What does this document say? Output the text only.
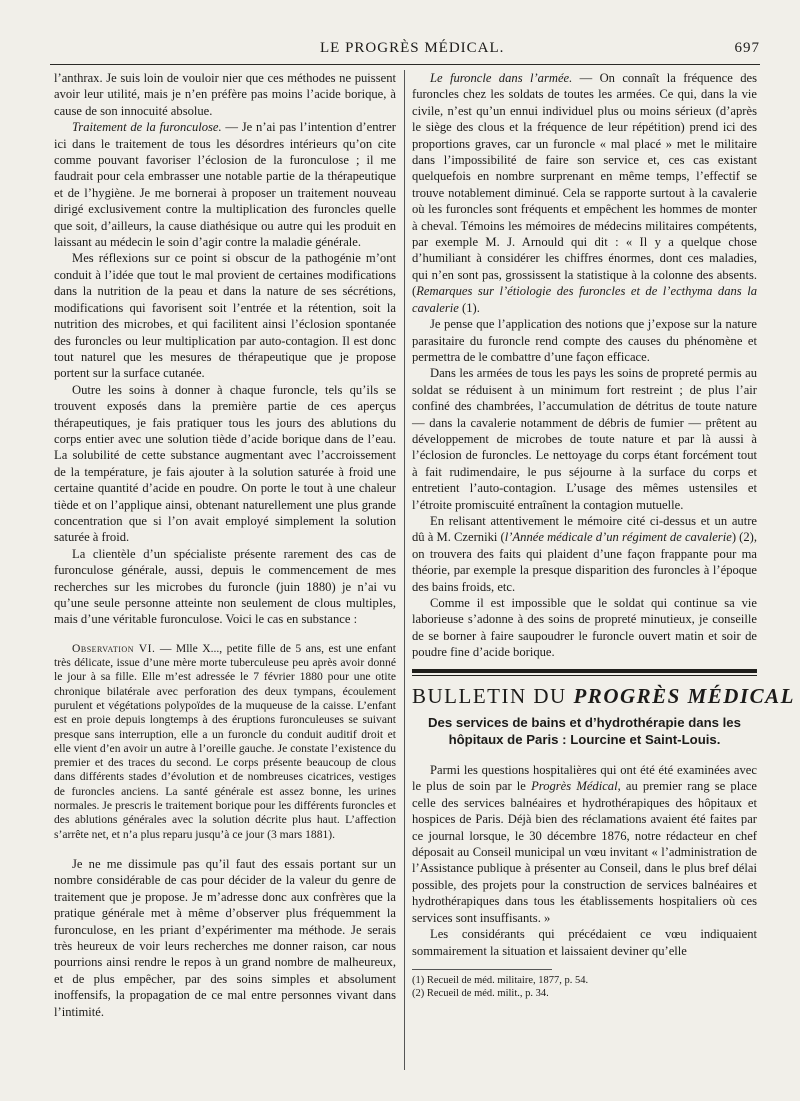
LE PROGRÈS MÉDICAL.	697

l’anthrax. Je suis loin de vouloir nier que ces méthodes ne puissent avoir leur utilité, mais je n’en préfère pas moins l’acide borique, à cause de son innocuité absolue.

Traitement de la furonculose. — Je n’ai pas l’intention d’entrer ici dans le traitement de tous les désordres intérieurs qu’on cite comme pouvant favoriser l’éclosion de la furonculose ; il me faudrait pour cela embrasser une notable partie de la thérapeutique et de l’hygiène. Je me bornerai à proposer un traitement nouveau dirigé exclusivement contre la multiplication des furoncles quelle que soit, d’ailleurs, la cause diathésique ou autre qui les produit en laissant au médecin le soin d’agir contre la maladie générale.

Mes réflexions sur ce point si obscur de la pathogénie m’ont conduit à l’idée que tout le mal provient de certaines modifications dans la nutrition de la peau et dans la nature de ses sécrétions, modifications qui favorisent soit l’entrée et la rétention, soit la nutrition des microbes, et qui facilitent ainsi l’éclosion spontanée des furoncles ou leur multiplication par auto-contagion. Il est donc tout naturel que les mesures de thérapeutique que je propose portent sur la surface cutanée.

Outre les soins à donner à chaque furoncle, tels qu’ils se trouvent exposés dans la première partie de ces aperçus thérapeutiques, je fais pratiquer tous les jours des ablutions du corps entier avec une solution tiède d’acide borique dans de l’eau. La solubilité de cette substance augmentant avec l’accroissement de la température, je fais ajouter à la solution saturée à froid une certaine quantité d’acide en poudre. On porte le tout à une chaleur tiède et on l’applique ainsi, obtenant naturellement une plus grande concentration que si l’on avait employé simplement la solution saturée à froid.

La clientèle d’un spécialiste présente rarement des cas de furonculose générale, aussi, depuis le commencement de mes recherches sur les microbes du furoncle (juin 1880) je n’ai vu qu’une seule personne atteinte non seulement de clous multiples, mais d’une véritable furonculose. Voici le cas en substance :

Observation VI. — Mlle X..., petite fille de 5 ans, est une enfant très délicate, issue d’une mère morte tuberculeuse peu après avoir donné le jour à sa fille. Elle m’est adressée le 7 février 1880 pour une otite chronique bilatérale avec perforation des deux tympans, écoulement purulent et végétations polypoïdes de la muqueuse de la caisse. L’enfant est en proie depuis longtemps à des éruptions furonculeuses se suivant presque sans interruption, elle a un furoncle du conduit auditif droit et elle vient d’en avoir un autre à l’oreille gauche. Je constate l’existence du premier et des traces du second. Le corps présente beaucoup de clous dans différents stades d’évolution et de nombreuses cicatrices, vestiges de furoncles anciens. La santé générale est assez bonne, les urines normales. Je prescris le traitement borique pour les différents furoncles et des ablutions générales avec la solution décrite plus haut. L’affection s’arrête net, et n’a plus reparu jusqu’à ce jour (3 mars 1881).

Je ne me dissimule pas qu’il faut des essais portant sur un nombre considérable de cas pour décider de la valeur du genre de traitement que je propose. Je m’adresse donc aux confrères que la pratique générale met à même d’observer plus fréquemment la furonculose, en les priant d’expérimenter ma méthode. Je serais très heureux de voir leurs recherches me donner raison, car nous pourrions ainsi rendre le repos à un grand nombre de malheureux, et de plus empêcher, par des soins simples et absolument inoffensifs, la propagation de ce mal entre personnes vivant dans l’intimité.

Le furoncle dans l’armée. — On connaît la fréquence des furoncles chez les soldats de toutes les armées. Ce qui, dans la vie civile, n’est qu’un ennui individuel plus ou moins sérieux (d’après le siège des clous et la fréquence de leur répétition) prend ici des proportions graves, car un furoncle « mal placé » met le militaire dans l’impossibilité de faire son service et, ces cas existant quelquefois en nombre surprenant en même temps, l’effectif se trouve notablement diminué. Cela se rapporte surtout à la cavalerie où les furoncles sont fréquents et empêchent les hommes de monter à cheval. Témoins les mémoires de médecins militaires compétents, par exemple M. J. Arnould qui dit : « Il y a quelque chose d’humiliant à considérer les chiffres énormes, dont ces maladies, qui n’en sont pas, grossissent la statistique à la colonne des absents. (Remarques sur l’étiologie des furoncles et de l’ecthyma dans la cavalerie (1).

Je pense que l’application des notions que j’expose sur la nature parasitaire du furoncle rend compte des causes du phénomène et permettra de le combattre d’une façon efficace.

Dans les armées de tous les pays les soins de propreté permis au soldat se réduisent à un minimum fort restreint ; de plus l’air confiné des chambrées, l’accumulation de détritus de toute nature — dans la cavalerie notamment de débris de fumier — prêtent au développement de microbes de toute nature et par là aussi à l’éclosion de furoncles. Le nettoyage du corps étant forcément tout à fait rudimendaire, le pus séjourne à la surface du corps et entretient l’auto-contagion. L’usage des mêmes ustensiles et l’étroite promiscuité entraînent la contagion mutuelle.

En relisant attentivement le mémoire cité ci-dessus et un autre dû à M. Czerniki (l’Année médicale d’un régiment de cavalerie) (2), on trouvera des faits qui plaident d’une façon frappante pour ma théorie, par exemple la presque disparition des furoncles à l’époque des bains froids, etc.

Comme il est impossible que le soldat qui continue sa vie laborieuse s’adonne à des soins de propreté minutieux, je conseille de se borner à faire saupoudrer le furoncle ouvert matin et soir de poudre fine d’acide borique.

BULLETIN DU PROGRÈS MÉDICAL
Des services de bains et d’hydrothérapie dans les hôpitaux de Paris : Lourcine et Saint-Louis.

Parmi les questions hospitalières qui ont été été examinées avec le plus de soin par le Progrès Médical, au premier rang se place celle des services balnéaires et hydrothérapiques des hôpitaux et hospices de Paris. Déjà bien des réclamations avaient été faites par ce journal lorsque, le 30 décembre 1876, notre rédacteur en chef déposait au Conseil municipal un vœu invitant « l’administration de l’Assistance publique à présenter au Conseil, dans le plus bref délai possible, des projets pour la construction de services balnéaires et hydrothérapiques dans tous les établissements hospitaliers où ces services sont insuffisants. »

Les considérants qui précédaient ce vœu indiquaient sommairement la situation et laissaient deviner qu’elle

(1) Recueil de méd. militaire, 1877, p. 54.
(2) Recueil de méd. milit., p. 34.
